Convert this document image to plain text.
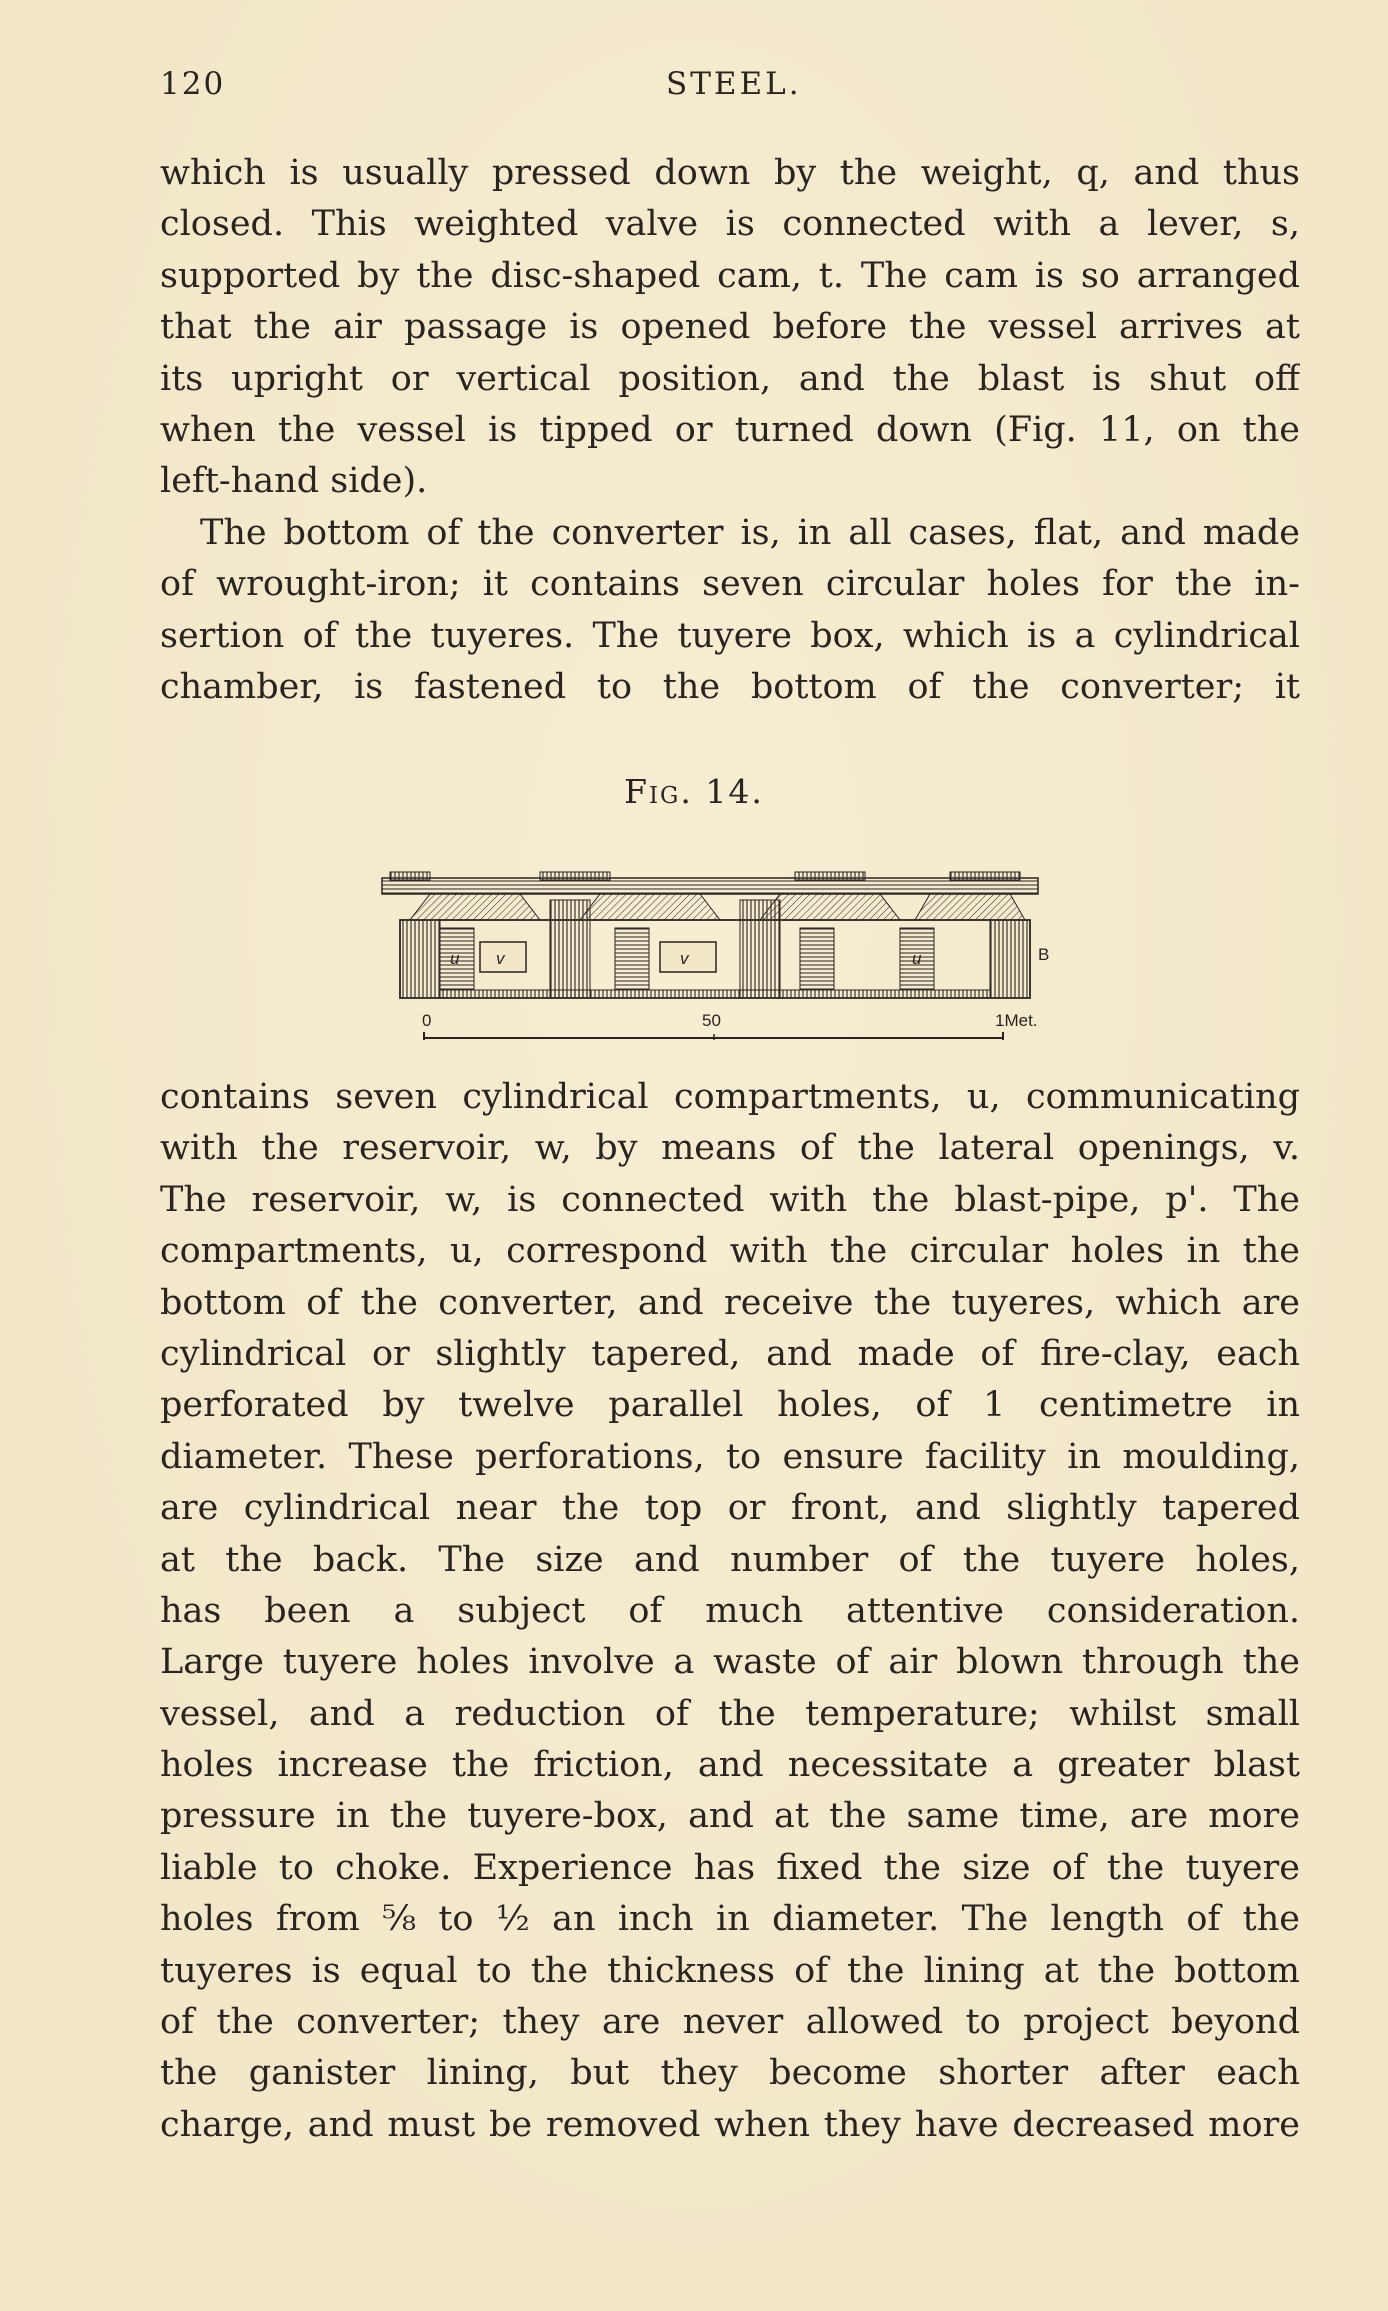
120	STEEL.
which is usually pressed down by the weight, q, and thus
closed. This weighted valve is connected with a lever, s,
supported by the disc-shaped cam, t. The cam is so arranged
that the air passage is opened before the vessel arrives at
its upright or vertical position, and the blast is shut off
when the vessel is tipped or turned down (Fig. 11, on the
left-hand side).
The bottom of the converter is, in all cases, flat, and made
of wrought-iron; it contains seven circular holes for the in-
sertion of the tuyeres. The tuyere box, which is a cylindrical
chamber, is fastened to the bottom of the converter; it
Fig. 14.
u v	v	u	B
0	50	1Met.
contains seven cylindrical compartments, u, communicating
with the reservoir, w, by means of the lateral openings, v.
The reservoir, w, is connected with the blast-pipe, p'. The
compartments, u, correspond with the circular holes in the
bottom of the converter, and receive the tuyeres, which are
cylindrical or slightly tapered, and made of fire-clay, each
perforated by twelve parallel holes, of 1 centimetre in
diameter. These perforations, to ensure facility in moulding,
are cylindrical near the top or front, and slightly tapered
at the back. The size and number of the tuyere holes,
has been a subject of much attentive consideration.
Large tuyere holes involve a waste of air blown through the
vessel, and a reduction of the temperature; whilst small
holes increase the friction, and necessitate a greater blast
pressure in the tuyere-box, and at the same time, are more
liable to choke. Experience has fixed the size of the tuyere
holes from ⅝ to ½ an inch in diameter. The length of the
tuyeres is equal to the thickness of the lining at the bottom
of the converter; they are never allowed to project beyond
the ganister lining, but they become shorter after each
charge, and must be removed when they have decreased more
